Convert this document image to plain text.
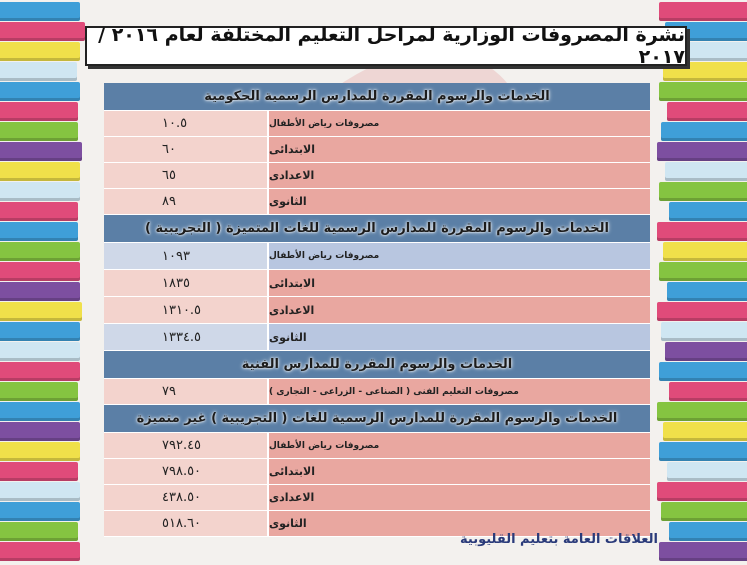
نشرة المصروفات الوزارية لمراحل التعليم المختلفة لعام ٢٠١٦ / ٢٠١٧
الخدمات والرسوم المقررة للمدارس الرسمية الحكومية
١٠.٥	مصروفات رياض الأطفال
٦٠	الابتدائى
٦٥	الاعدادى
٨٩	الثانوى
الخدمات والرسوم المقررة للمدارس الرسمية للغات المتميزة ( التجريبية )
١٠٩٣	مصروفات رياض الأطفال
١٨٣٥	الابتدائى
١٣١٠.٥	الاعدادى
١٣٣٤.٥	الثانوى
الخدمات والرسوم المقررة للمدارس الفنية
٧٩	مصروفات التعليم الفنى ( الصناعى - الزراعى - التجارى )
الخدمات والرسوم المقررة للمدارس الرسمية للغات ( التجريبية ) غير متميزة
٧٩٢.٤٥	مصروفات رياض الأطفال
٧٩٨.٥٠	الابتدائى
٤٣٨.٥٠	الاعدادى
٥١٨.٦٠	الثانوى
العلاقات العامة بتعليم القليوبية
